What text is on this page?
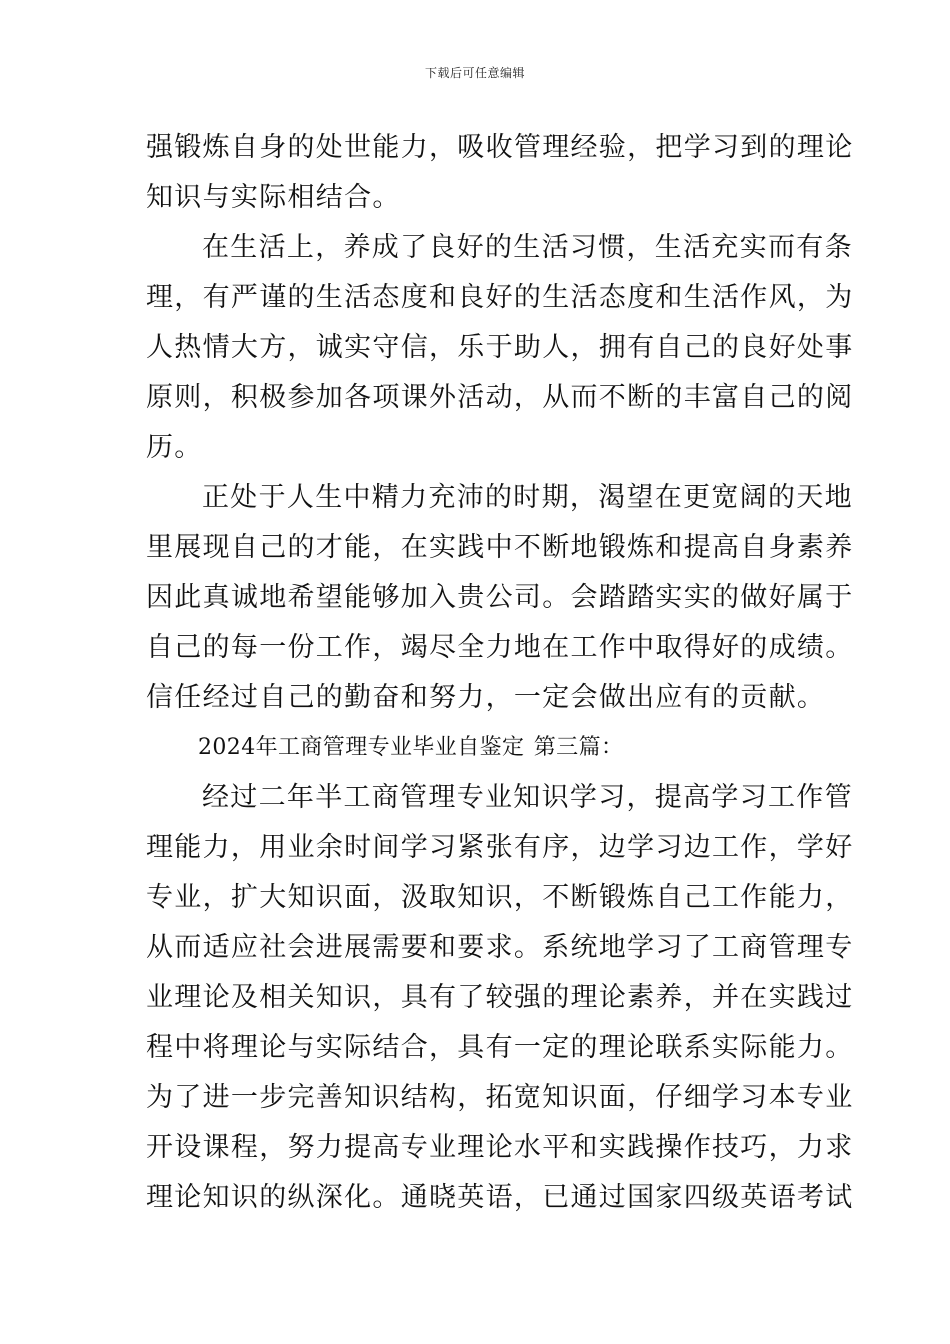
下载后可任意编辑
强锻炼自身的处世能力，吸收管理经验，把学习到的理论
知识与实际相结合。
在生活上，养成了良好的生活习惯，生活充实而有条
理，有严谨的生活态度和良好的生活态度和生活作风，为
人热情大方，诚实守信，乐于助人，拥有自己的良好处事
原则，积极参加各项课外活动，从而不断的丰富自己的阅
历。
正处于人生中精力充沛的时期，渴望在更宽阔的天地
里展现自己的才能，在实践中不断地锻炼和提高自身素养
因此真诚地希望能够加入贵公司。会踏踏实实的做好属于
自己的每一份工作，竭尽全力地在工作中取得好的成绩。
信任经过自己的勤奋和努力，一定会做出应有的贡献。
2024年工商管理专业毕业自鉴定 第三篇：
经过二年半工商管理专业知识学习，提高学习工作管
理能力，用业余时间学习紧张有序，边学习边工作，学好
专业，扩大知识面，汲取知识，不断锻炼自己工作能力，
从而适应社会进展需要和要求。系统地学习了工商管理专
业理论及相关知识，具有了较强的理论素养，并在实践过
程中将理论与实际结合，具有一定的理论联系实际能力。
为了进一步完善知识结构，拓宽知识面，仔细学习本专业
开设课程，努力提高专业理论水平和实践操作技巧，力求
理论知识的纵深化。通晓英语，已通过国家四级英语考试
